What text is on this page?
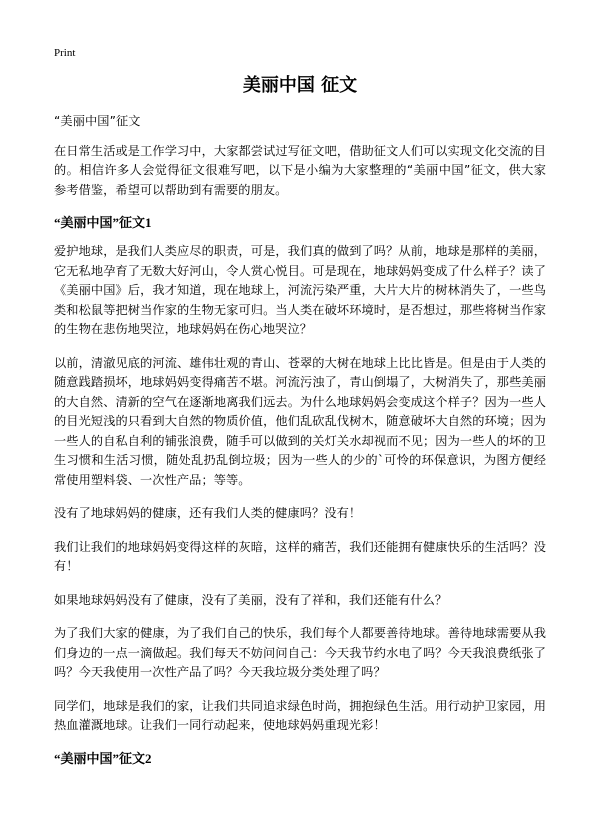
Print
美丽中国 征文

“美丽中国”征文

在日常生活或是工作学习中，大家都尝试过写征文吧，借助征文人们可以实现文化交流的目的。相信许多人会觉得征文很难写吧，以下是小编为大家整理的“美丽中国”征文，供大家参考借鉴，希望可以帮助到有需要的朋友。

“美丽中国”征文1

爱护地球，是我们人类应尽的职责，可是，我们真的做到了吗？从前，地球是那样的美丽，它无私地孕育了无数大好河山，令人赏心悦目。可是现在，地球妈妈变成了什么样子？读了《美丽中国》后，我才知道，现在地球上，河流污染严重，大片大片的树林消失了，一些鸟类和松鼠等把树当作家的生物无家可归。当人类在破坏环境时，是否想过，那些将树当作家的生物在悲伤地哭泣，地球妈妈在伤心地哭泣？

以前，清澈见底的河流、雄伟壮观的青山、苍翠的大树在地球上比比皆是。但是由于人类的随意践踏损坏，地球妈妈变得痛苦不堪。河流污浊了，青山倒塌了，大树消失了，那些美丽的大自然、清新的空气在逐渐地离我们远去。为什么地球妈妈会变成这个样子？因为一些人的目光短浅的只看到大自然的物质价值，他们乱砍乱伐树木，随意破坏大自然的环境；因为一些人的自私自利的铺张浪费，随手可以做到的关灯关水却视而不见；因为一些人的坏的卫生习惯和生活习惯，随处乱扔乱倒垃圾；因为一些人的少的`可怜的环保意识，为图方便经常使用塑料袋、一次性产品；等等。

没有了地球妈妈的健康，还有我们人类的健康吗？没有！

我们让我们的地球妈妈变得这样的灰暗，这样的痛苦，我们还能拥有健康快乐的生活吗？没有！

如果地球妈妈没有了健康，没有了美丽，没有了祥和，我们还能有什么？

为了我们大家的健康，为了我们自己的快乐，我们每个人都要善待地球。善待地球需要从我们身边的一点一滴做起。我们每天不妨问问自己：今天我节约水电了吗？今天我浪费纸张了吗？今天我使用一次性产品了吗？今天我垃圾分类处理了吗？

同学们，地球是我们的家，让我们共同追求绿色时尚，拥抱绿色生活。用行动护卫家园，用热血灌溉地球。让我们一同行动起来，使地球妈妈重现光彩！

“美丽中国”征文2
